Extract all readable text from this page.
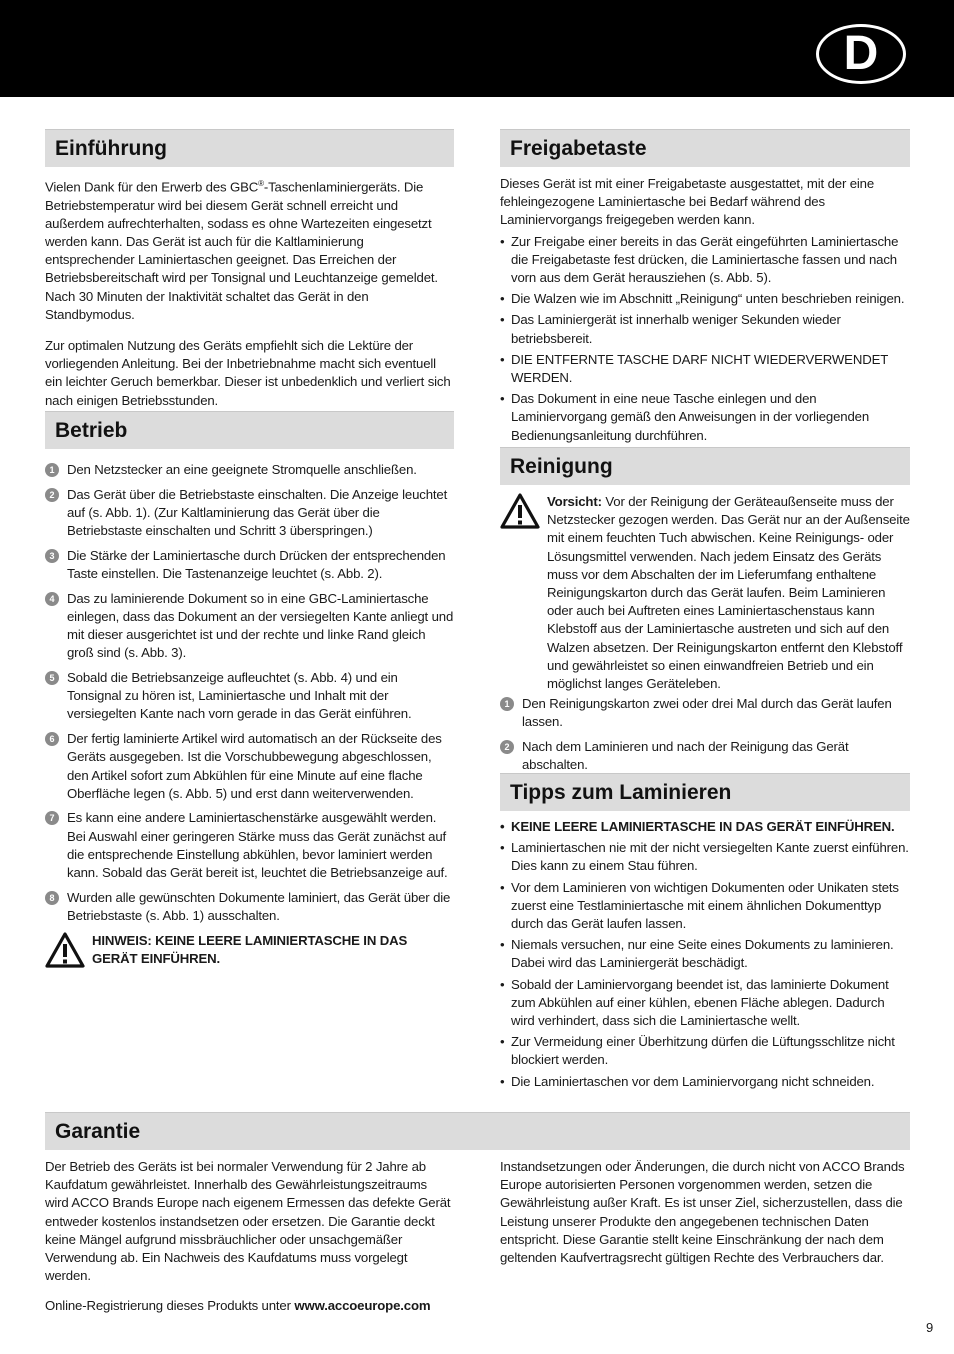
D
Einführung

Vielen Dank für den Erwerb des GBC®-Taschenlaminiergeräts. Die Betriebstemperatur wird bei diesem Gerät schnell erreicht und außerdem aufrechterhalten, sodass es ohne Wartezeiten eingesetzt werden kann. Das Gerät ist auch für die Kaltlaminierung entsprechender Laminiertaschen geeignet. Das Erreichen der Betriebsbereitschaft wird per Tonsignal und Leuchtanzeige gemeldet. Nach 30 Minuten der Inaktivität schaltet das Gerät in den Standbymodus.

Zur optimalen Nutzung des Geräts empfiehlt sich die Lektüre der vorliegenden Anleitung. Bei der Inbetriebnahme macht sich eventuell ein leichter Geruch bemerkbar. Dieser ist unbedenklich und verliert sich nach einigen Betriebsstunden.

Betrieb
1 Den Netzstecker an eine geeignete Stromquelle anschließen.
2 Das Gerät über die Betriebstaste einschalten. Die Anzeige leuchtet auf (s. Abb. 1). (Zur Kaltlaminierung das Gerät über die Betriebstaste einschalten und Schritt 3 überspringen.)
3 Die Stärke der Laminiertasche durch Drücken der entsprechenden Taste einstellen. Die Tastenanzeige leuchtet (s. Abb. 2).
4 Das zu laminierende Dokument so in eine GBC-Laminiertasche einlegen, dass das Dokument an der versiegelten Kante anliegt und mit dieser ausgerichtet ist und der rechte und linke Rand gleich groß sind (s. Abb. 3).
5 Sobald die Betriebsanzeige aufleuchtet (s. Abb. 4) und ein Tonsignal zu hören ist, Laminiertasche und Inhalt mit der versiegelten Kante nach vorn gerade in das Gerät einführen.
6 Der fertig laminierte Artikel wird automatisch an der Rückseite des Geräts ausgegeben. Ist die Vorschubbewegung abgeschlossen, den Artikel sofort zum Abkühlen für eine Minute auf eine flache Oberfläche legen (s. Abb. 5) und erst dann weiterverwenden.
7 Es kann eine andere Laminiertaschenstärke ausgewählt werden. Bei Auswahl einer geringeren Stärke muss das Gerät zunächst auf die entsprechende Einstellung abkühlen, bevor laminiert werden kann. Sobald das Gerät bereit ist, leuchtet die Betriebsanzeige auf.
8 Wurden alle gewünschten Dokumente laminiert, das Gerät über die Betriebstaste (s. Abb. 1) ausschalten.
HINWEIS: KEINE LEERE LAMINIERTASCHE IN DAS GERÄT EINFÜHREN.
Freigabetaste

Dieses Gerät ist mit einer Freigabetaste ausgestattet, mit der eine fehleingezogene Laminiertasche bei Bedarf während des Laminiervorgangs freigegeben werden kann.

• Zur Freigabe einer bereits in das Gerät eingeführten Laminiertasche die Freigabetaste fest drücken, die Laminiertasche fassen und nach vorn aus dem Gerät herausziehen (s. Abb. 5).
• Die Walzen wie im Abschnitt „Reinigung“ unten beschrieben reinigen.
• Das Laminiergerät ist innerhalb weniger Sekunden wieder betriebsbereit.
• DIE ENTFERNTE TASCHE DARF NICHT WIEDERVERWENDET WERDEN.
• Das Dokument in eine neue Tasche einlegen und den Laminiervorgang gemäß den Anweisungen in der vorliegenden Bedienungsanleitung durchführen.
Reinigung

Vorsicht: Vor der Reinigung der Geräteaußenseite muss der Netzstecker gezogen werden. Das Gerät nur an der Außenseite mit einem feuchten Tuch abwischen. Keine Reinigungs- oder Lösungsmittel verwenden. Nach jedem Einsatz des Geräts muss vor dem Abschalten der im Lieferumfang enthaltene Reinigungskarton durch das Gerät laufen. Beim Laminieren oder auch bei Auftreten eines Laminiertaschenstaus kann Klebstoff aus der Laminiertasche austreten und sich auf den Walzen absetzen. Der Reinigungskarton entfernt den Klebstoff und gewährleistet so einen einwandfreien Betrieb und ein möglichst langes Geräteleben.

1 Den Reinigungskarton zwei oder drei Mal durch das Gerät laufen lassen.
2 Nach dem Laminieren und nach der Reinigung das Gerät abschalten.
Tipps zum Laminieren
• KEINE LEERE LAMINIERTASCHE IN DAS GERÄT EINFÜHREN.
• Laminiertaschen nie mit der nicht versiegelten Kante zuerst einführen. Dies kann zu einem Stau führen.
• Vor dem Laminieren von wichtigen Dokumenten oder Unikaten stets zuerst eine Testlaminiertasche mit einem ähnlichen Dokumenttyp durch das Gerät laufen lassen.
• Niemals versuchen, nur eine Seite eines Dokuments zu laminieren. Dabei wird das Laminiergerät beschädigt.
• Sobald der Laminiervorgang beendet ist, das laminierte Dokument zum Abkühlen auf einer kühlen, ebenen Fläche ablegen. Dadurch wird verhindert, dass sich die Laminiertasche wellt.
• Zur Vermeidung einer Überhitzung dürfen die Lüftungsschlitze nicht blockiert werden.
• Die Laminiertaschen vor dem Laminiervorgang nicht schneiden.
Garantie

Der Betrieb des Geräts ist bei normaler Verwendung für 2 Jahre ab Kaufdatum gewährleistet. Innerhalb des Gewährleistungszeitraums wird ACCO Brands Europe nach eigenem Ermessen das defekte Gerät entweder kostenlos instandsetzen oder ersetzen. Die Garantie deckt keine Mängel aufgrund missbräuchlicher oder unsachgemäßer Verwendung ab. Ein Nachweis des Kaufdatums muss vorgelegt werden.

Online-Registrierung dieses Produkts unter www.accoeurope.com

Instandsetzungen oder Änderungen, die durch nicht von ACCO Brands Europe autorisierten Personen vorgenommen werden, setzen die Gewährleistung außer Kraft. Es ist unser Ziel, sicherzustellen, dass die Leistung unserer Produkte den angegebenen technischen Daten entspricht. Diese Garantie stellt keine Einschränkung der nach dem geltenden Kaufvertragsrecht gültigen Rechte des Verbrauchers dar.

9
